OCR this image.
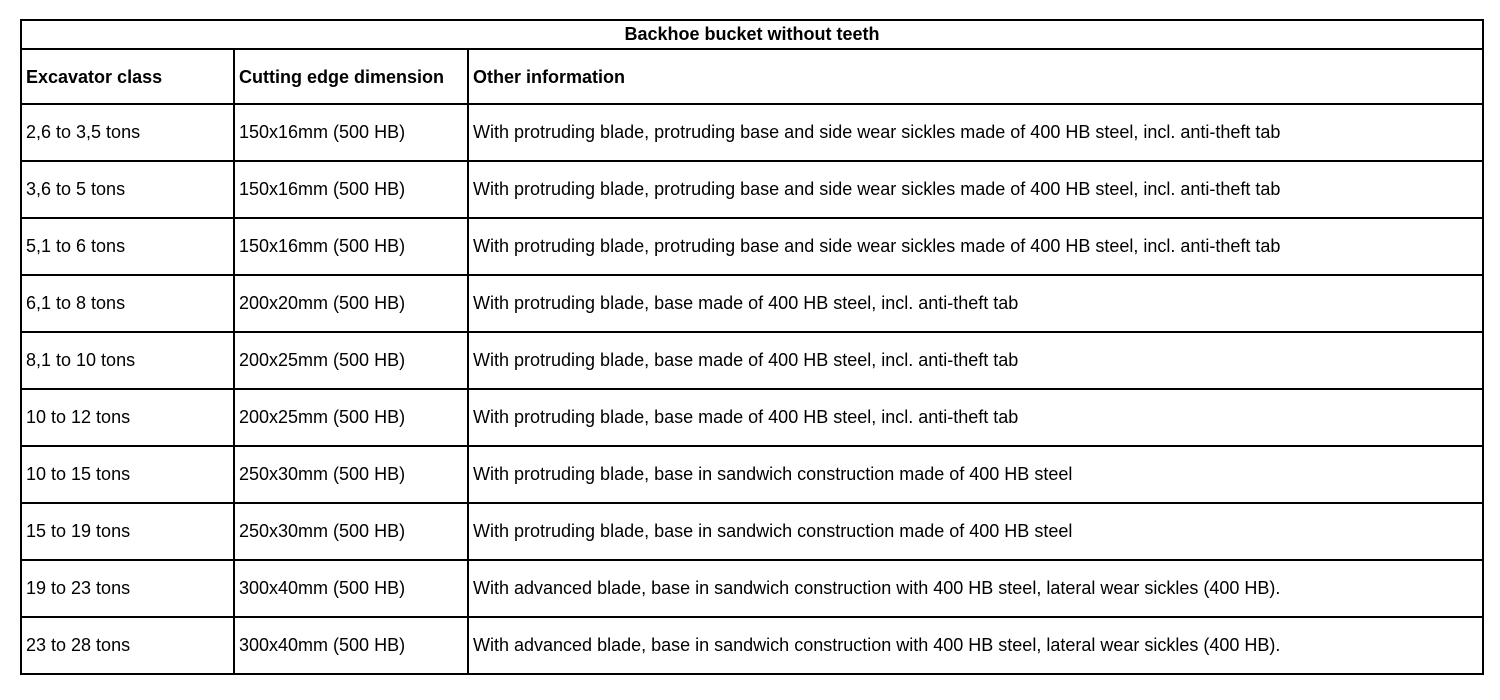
Backhoe bucket without teeth		
Excavator class	Cutting edge dimension	Other information
2,6 to 3,5 tons	150x16mm (500 HB)	With protruding blade, protruding base and side wear sickles made of 400 HB steel, incl. anti-theft tab
3,6 to 5 tons	150x16mm (500 HB)	With protruding blade, protruding base and side wear sickles made of 400 HB steel, incl. anti-theft tab
5,1 to 6 tons	150x16mm (500 HB)	With protruding blade, protruding base and side wear sickles made of 400 HB steel, incl. anti-theft tab
6,1 to 8 tons	200x20mm (500 HB)	With protruding blade, base made of 400 HB steel, incl. anti-theft tab
8,1 to 10 tons	200x25mm (500 HB)	With protruding blade, base made of 400 HB steel, incl. anti-theft tab
10 to 12 tons	200x25mm (500 HB)	With protruding blade, base made of 400 HB steel, incl. anti-theft tab
10 to 15 tons	250x30mm (500 HB)	With protruding blade, base in sandwich construction made of 400 HB steel
15 to 19 tons	250x30mm (500 HB)	With protruding blade, base in sandwich construction made of 400 HB steel
19 to 23 tons	300x40mm (500 HB)	With advanced blade, base in sandwich construction with 400 HB steel, lateral wear sickles (400 HB).
23 to 28 tons	300x40mm (500 HB)	With advanced blade, base in sandwich construction with 400 HB steel, lateral wear sickles (400 HB).
